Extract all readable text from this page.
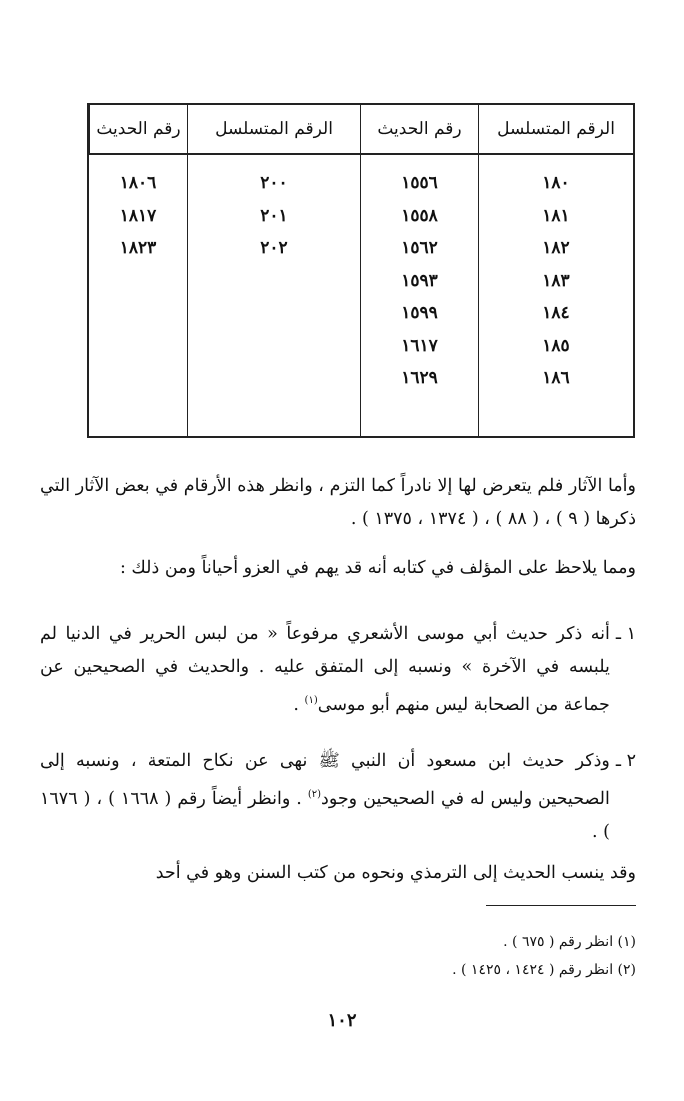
الرقم المتسلسل
رقم الحديث
الرقم المتسلسل
رقم الحديث
١٨٠
١٨١
١٨٢
١٨٣
١٨٤
١٨٥
١٨٦
١٥٥٦
١٥٥٨
١٥٦٢
١٥٩٣
١٥٩٩
١٦١٧
١٦٢٩
٢٠٠
٢٠١
٢٠٢
١٨٠٦
١٨١٧
١٨٢٣

وأما الآثار فلم يتعرض لها إلا نادراً كما التزم ، وانظر هذه الأرقام في بعض الآثار التي ذكرها ( ٩ ) ، ( ٨٨ ) ، ( ١٣٧٤ ، ١٣٧٥ ) .

ومما يلاحظ على المؤلف في كتابه أنه قد يهم في العزو أحياناً ومن ذلك :

١ ـ
أنه ذكر حديث أبي موسى الأشعري مرفوعاً « من لبس الحرير في الدنيا لم يلبسه في الآخرة » ونسبه إلى المتفق عليه . والحديث في الصحيحين عن جماعة من الصحابة ليس منهم أبو موسى$^{(١)}$ .
٢ ـ
وذكر حديث ابن مسعود أن النبي ﷺ نهى عن نكاح المتعة ، ونسبه إلى الصحيحين وليس له في الصحيحين وجود$^{(٢)}$ . وانظر أيضاً رقم ( ١٦٦٨ ) ، ( ١٦٧٦ ) .

وقد ينسب الحديث إلى الترمذي ونحوه من كتب السنن وهو في أحد

(١) انظر رقم ( ٦٧٥ ) .
(٢) انظر رقم ( ١٤٢٤ ، ١٤٢٥ ) .
١٠٢
